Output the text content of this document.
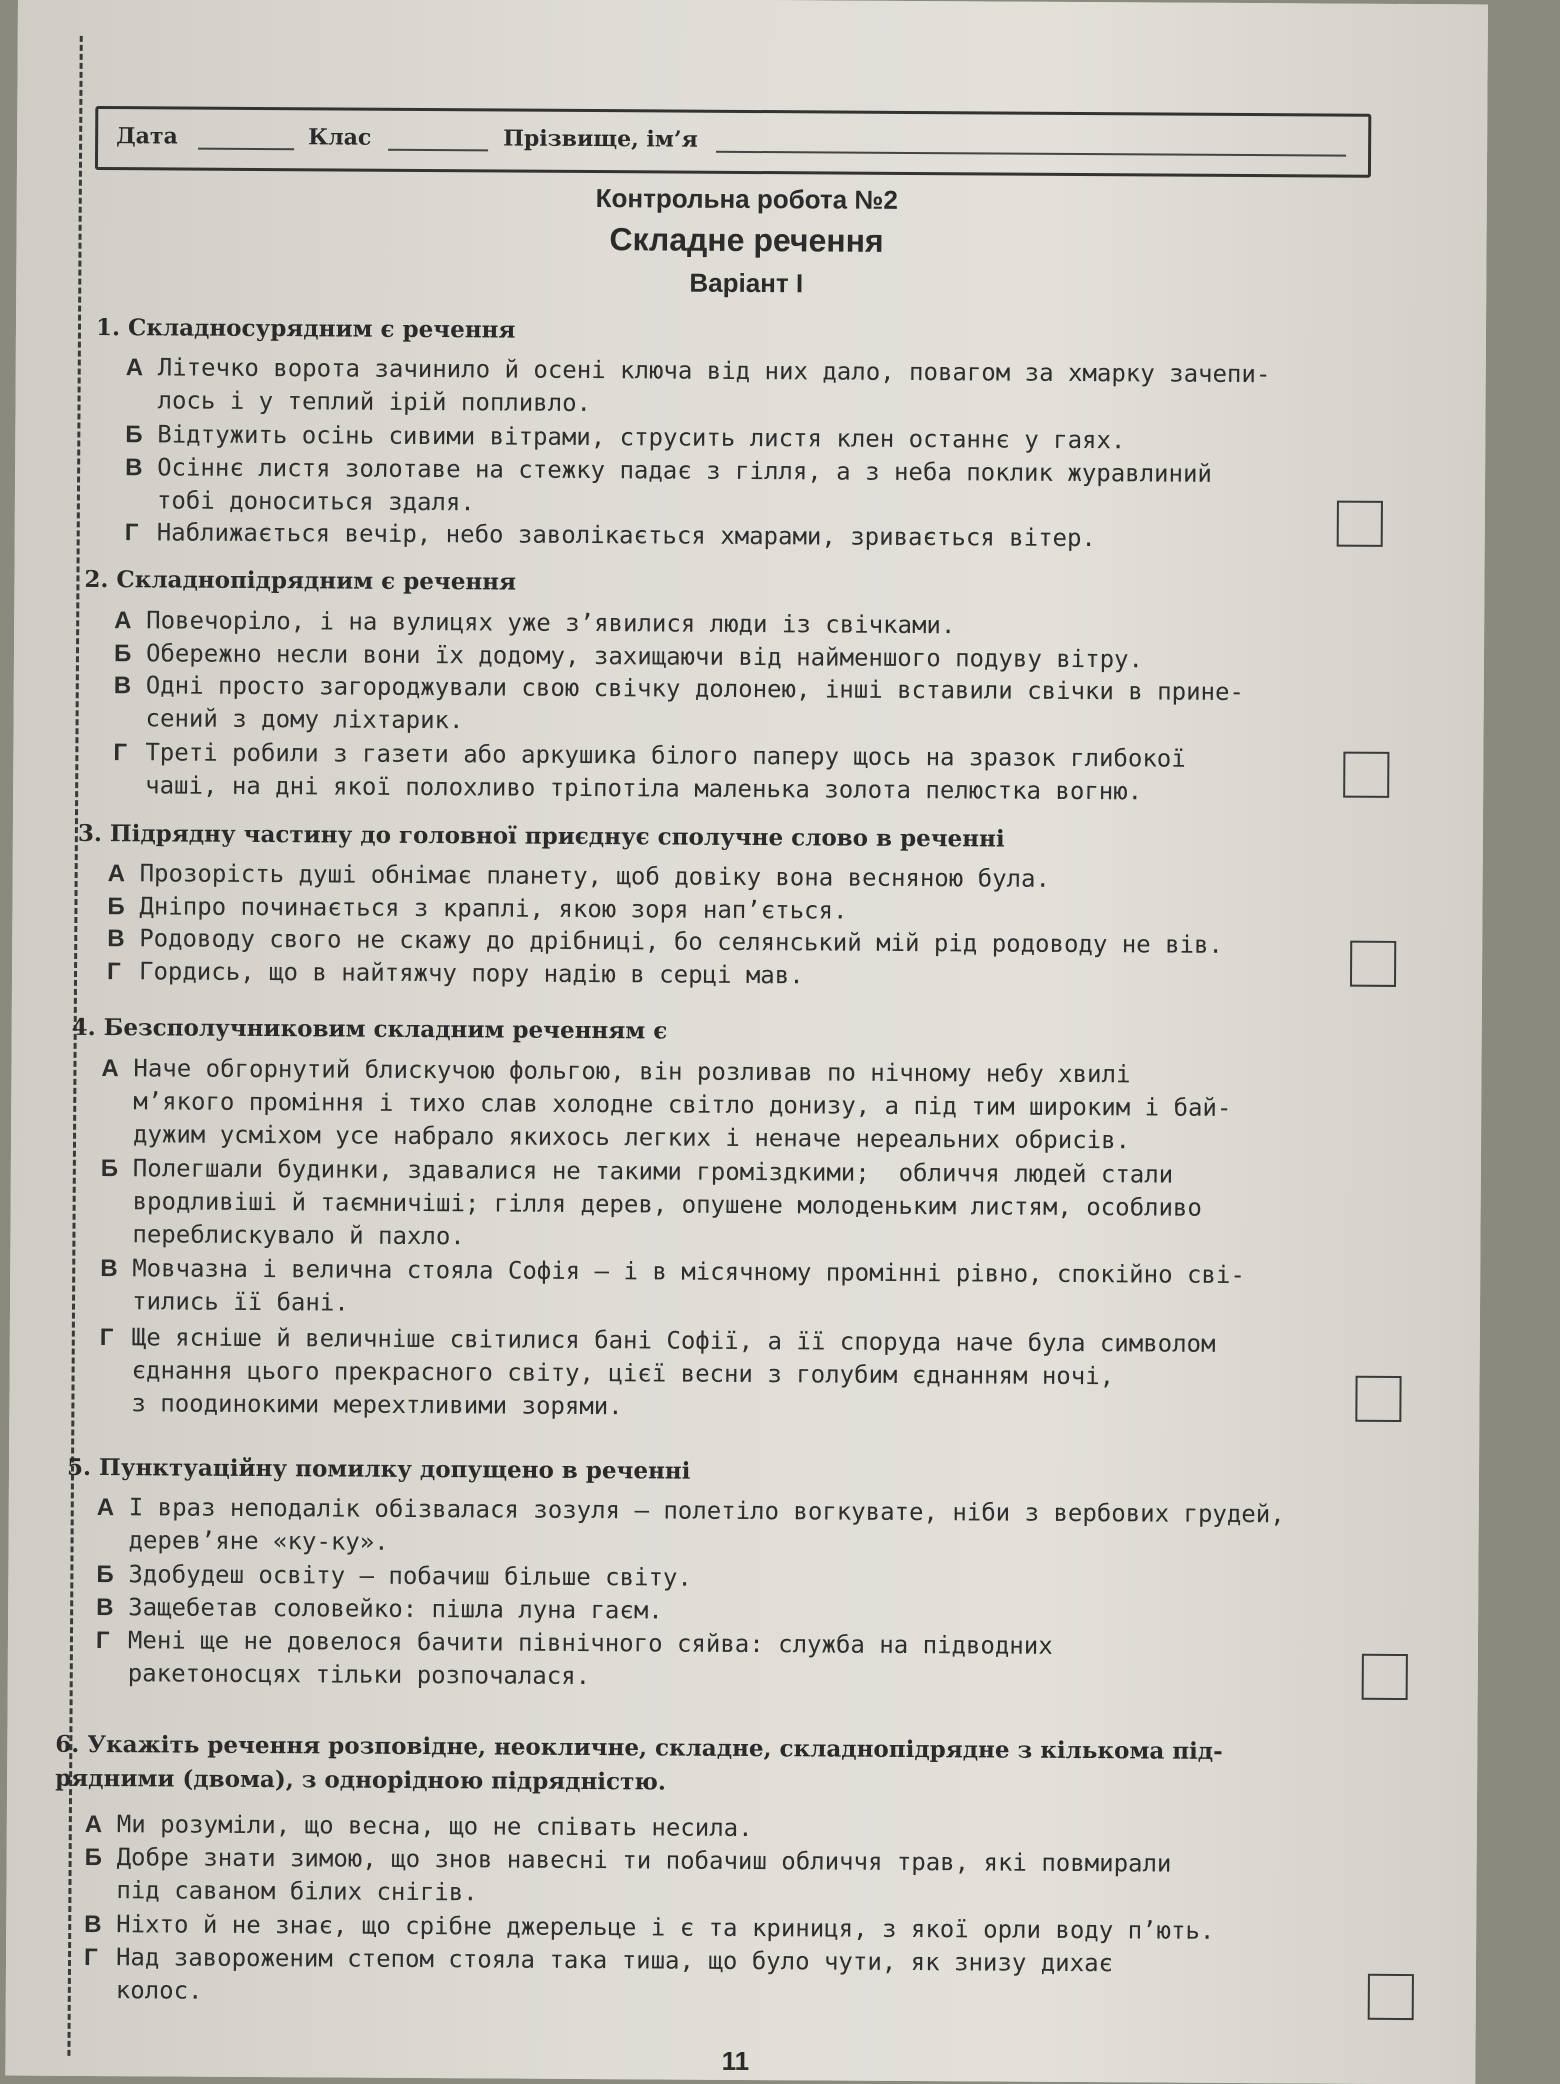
Дата	Клас	Прізвище, ім’я
Контрольна робота №2
Складне речення
Варіант І
1. Складносурядним є речення
А Літечко ворота зачинило й осені ключа від них дало, повагом за хмарку зачепи-
лось і у теплий ірій попливло.
Б Відтужить осінь сивими вітрами, струсить листя клен останнє у гаях.
В Осіннє листя золотаве на стежку падає з гілля, а з неба поклик журавлиний
тобі доноситься здаля.
Г Наближається вечір, небо заволікається хмарами, зривається вітер.
2. Складнопідрядним є речення
А Повечоріло, і на вулицях уже з’явилися люди із свічками.
Б Обережно несли вони їх додому, захищаючи від найменшого подуву вітру.
В Одні просто загороджували свою свічку долонею, інші вставили свічки в прине-
сений з дому ліхтарик.
Г Треті робили з газети або аркушика білого паперу щось на зразок глибокої
чаші, на дні якої полохливо тріпотіла маленька золота пелюстка вогню.
3. Підрядну частину до головної приєднує сполучне слово в реченні
А Прозорість душі обнімає планету, щоб довіку вона весняною була.
Б Дніпро починається з краплі, якою зоря нап’ється.
В Родоводу свого не скажу до дрібниці, бо селянський мій рід родоводу не вів.
Г Гордись, що в найтяжчу пору надію в серці мав.
4. Безсполучниковим складним реченням є
А Наче обгорнутий блискучою фольгою, він розливав по нічному небу хвилі
м’якого проміння і тихо слав холодне світло донизу, а під тим широким і бай-
дужим усміхом усе набрало якихось легких і неначе нереальних обрисів.
Б Полегшали будинки, здавалися не такими громіздкими;  обличчя людей стали
вродливіші й таємничіші; гілля дерев, опушене молоденьким листям, особливо
переблискувало й пахло.
В Мовчазна і велична стояла Софія – і в місячному промінні рівно, спокійно сві-
тились її бані.
Г Ще ясніше й величніше світилися бані Софії, а її споруда наче була символом
єднання цього прекрасного світу, цієї весни з голубим єднанням ночі,
з поодинокими мерехтливими зорями.
5. Пунктуаційну помилку допущено в реченні
А І враз неподалік обізвалася зозуля – полетіло вогкувате, ніби з вербових грудей,
дерев’яне «ку-ку».
Б Здобудеш освіту – побачиш більше світу.
В Защебетав соловейко: пішла луна гаєм.
Г Мені ще не довелося бачити північного сяйва: служба на підводних
ракетоносцях тільки розпочалася.
6. Укажіть речення розповідне, неокличне, складне, складнопідрядне з кількома під-
рядними (двома), з однорідною підрядністю.
А Ми розуміли, що весна, що не співать несила.
Б Добре знати зимою, що знов навесні ти побачиш обличчя трав, які повмирали
під саваном білих снігів.
В Ніхто й не знає, що срібне джерельце і є та криниця, з якої орли воду п’ють.
Г Над завороженим степом стояла така тиша, що було чути, як знизу дихає
колос.
11
